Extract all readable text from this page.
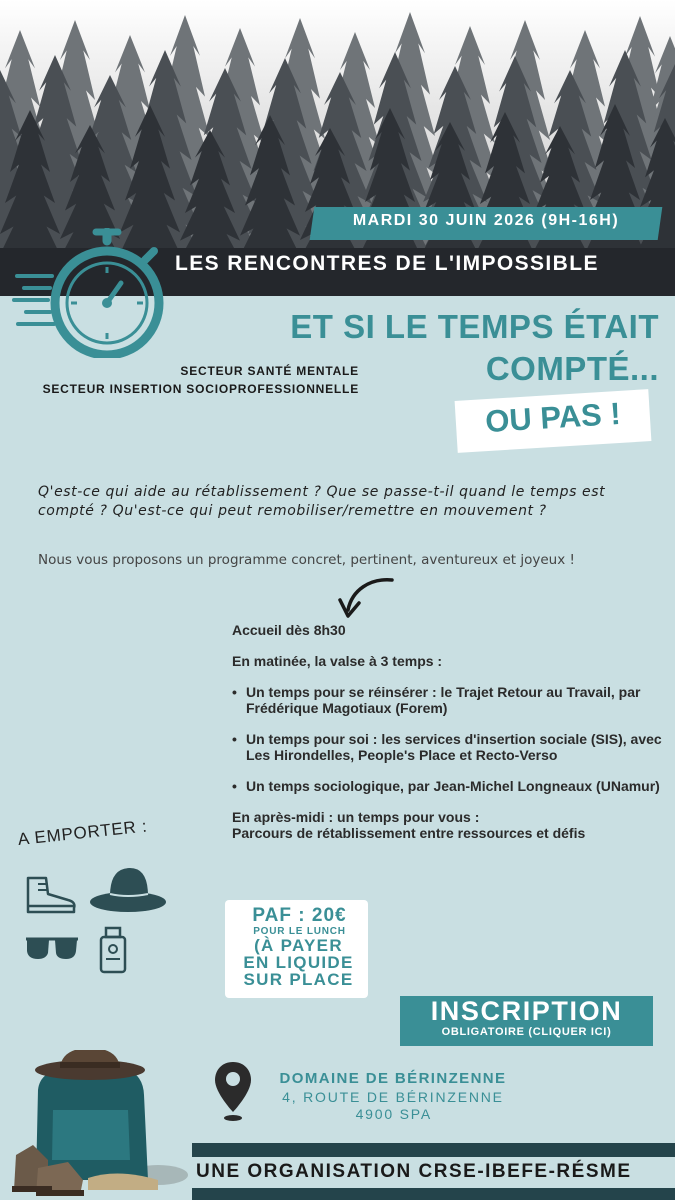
LES RENCONTRES DE L'IMPOSSIBLE
MARDI 30 JUIN 2026 (9H-16H)
ET SI LE TEMPS ÉTAIT
COMPTÉ...
OU PAS !
SECTEUR SANTÉ MENTALE
SECTEUR INSERTION SOCIOPROFESSIONNELLE
Q'est-ce qui aide au rétablissement ? Que se passe-t-il quand le temps est compté ? Qu'est-ce qui peut remobiliser/remettre en mouvement ?
Nous vous proposons un programme concret, pertinent, aventureux et joyeux !

Accueil dès 8h30

En matinée, la valse à 3 temps :

• Un temps pour se réinsérer : le Trajet Retour au Travail, par Frédérique Magotiaux (Forem)
• Un temps pour soi : les services d'insertion sociale (SIS), avec Les Hirondelles, People's Place et Recto-Verso
• Un temps sociologique, par Jean-Michel Longneaux (UNamur)
En après-midi : un temps pour vous :
Parcours de rétablissement entre ressources et défis
A EMPORTER :
PAF : 20€
POUR LE LUNCH
(À PAYER
EN LIQUIDE
SUR PLACE
INSCRIPTION
OBLIGATOIRE (CLIQUER ICI)
DOMAINE DE BÉRINZENNE
4, ROUTE DE BÉRINZENNE
4900 SPA
UNE ORGANISATION CRSE-IBEFE-RÉSME
